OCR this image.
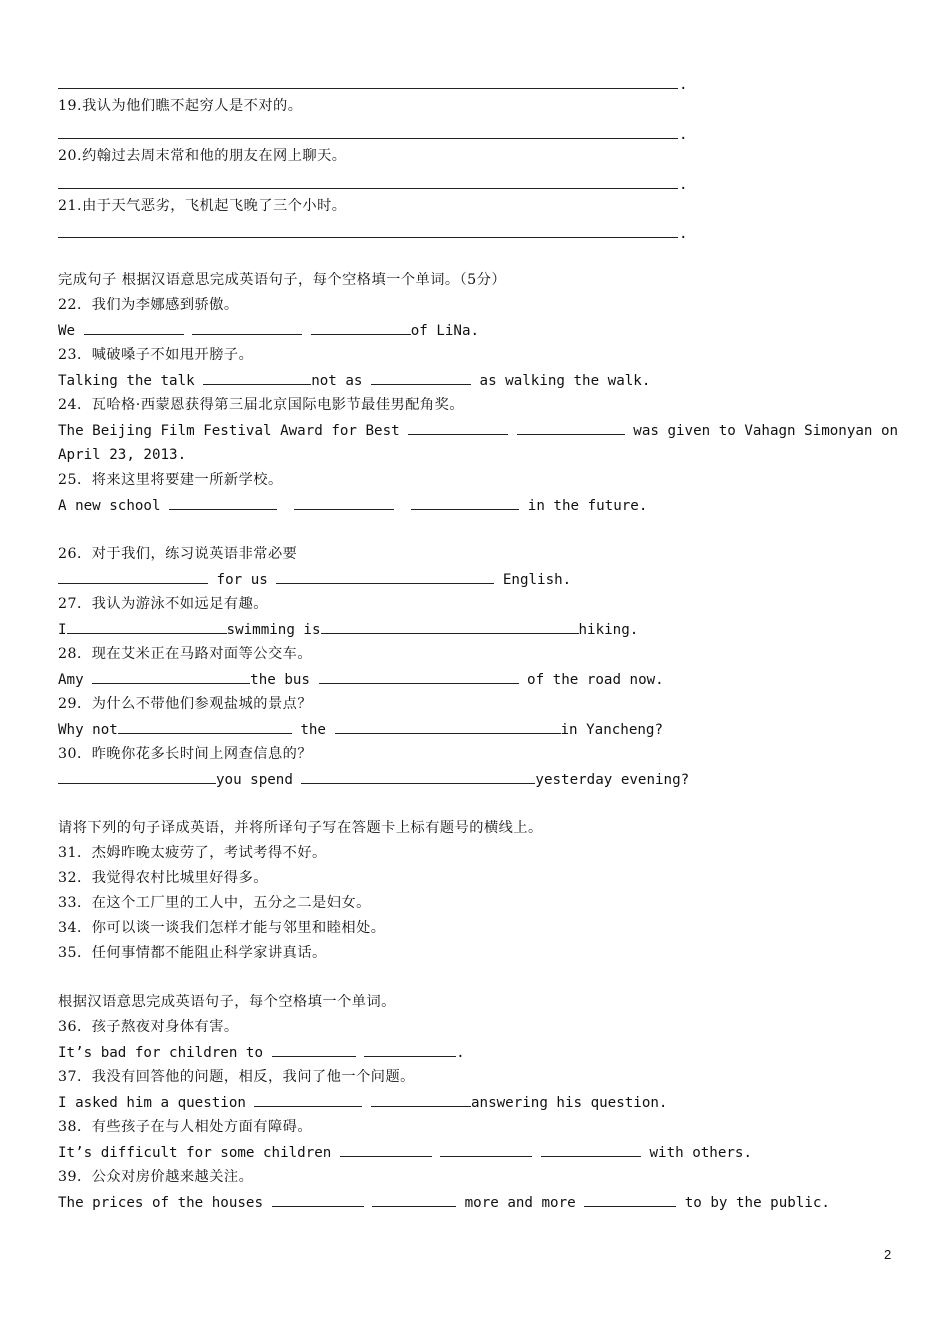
.
19.我认为他们瞧不起穷人是不对的。
.
20.约翰过去周末常和他的朋友在网上聊天。
.
21.由于天气恶劣，飞机起飞晚了三个小时。
.
完成句子 根据汉语意思完成英语句子，每个空格填一个单词。（5分）
22．我们为李娜感到骄傲。
We	of LiNa.
23．喊破嗓子不如甩开膀子。
Talking the talk	not as	as walking the walk.
24．瓦哈格·西蒙恩获得第三届北京国际电影节最佳男配角奖。
The Beijing Film Festival Award for Best	was given to Vahagn Simonyan on
April 23, 2013.
25．将来这里将要建一所新学校。
A new school	in the future.
26．对于我们，练习说英语非常必要
for us	English.
27．我认为游泳不如远足有趣。
I	swimming is	hiking.
28．现在艾米正在马路对面等公交车。
Amy	the bus	of the road now.
29．为什么不带他们参观盐城的景点？
Why not	the	in Yancheng?
30．昨晚你花多长时间上网查信息的？
you spend	yesterday evening?
请将下列的句子译成英语，并将所译句子写在答题卡上标有题号的横线上。
31．杰姆昨晚太疲劳了，考试考得不好。
32．我觉得农村比城里好得多。
33．在这个工厂里的工人中，五分之二是妇女。
34．你可以谈一谈我们怎样才能与邻里和睦相处。
35．任何事情都不能阻止科学家讲真话。
根据汉语意思完成英语句子，每个空格填一个单词。
36．孩子熬夜对身体有害。
It’s bad for children to	.
37．我没有回答他的问题，相反，我问了他一个问题。
I asked him a question	answering his question.
38．有些孩子在与人相处方面有障碍。
It’s difficult for some children	with others.
39．公众对房价越来越关注。
The prices of the houses	more and more	to by the public.
2
